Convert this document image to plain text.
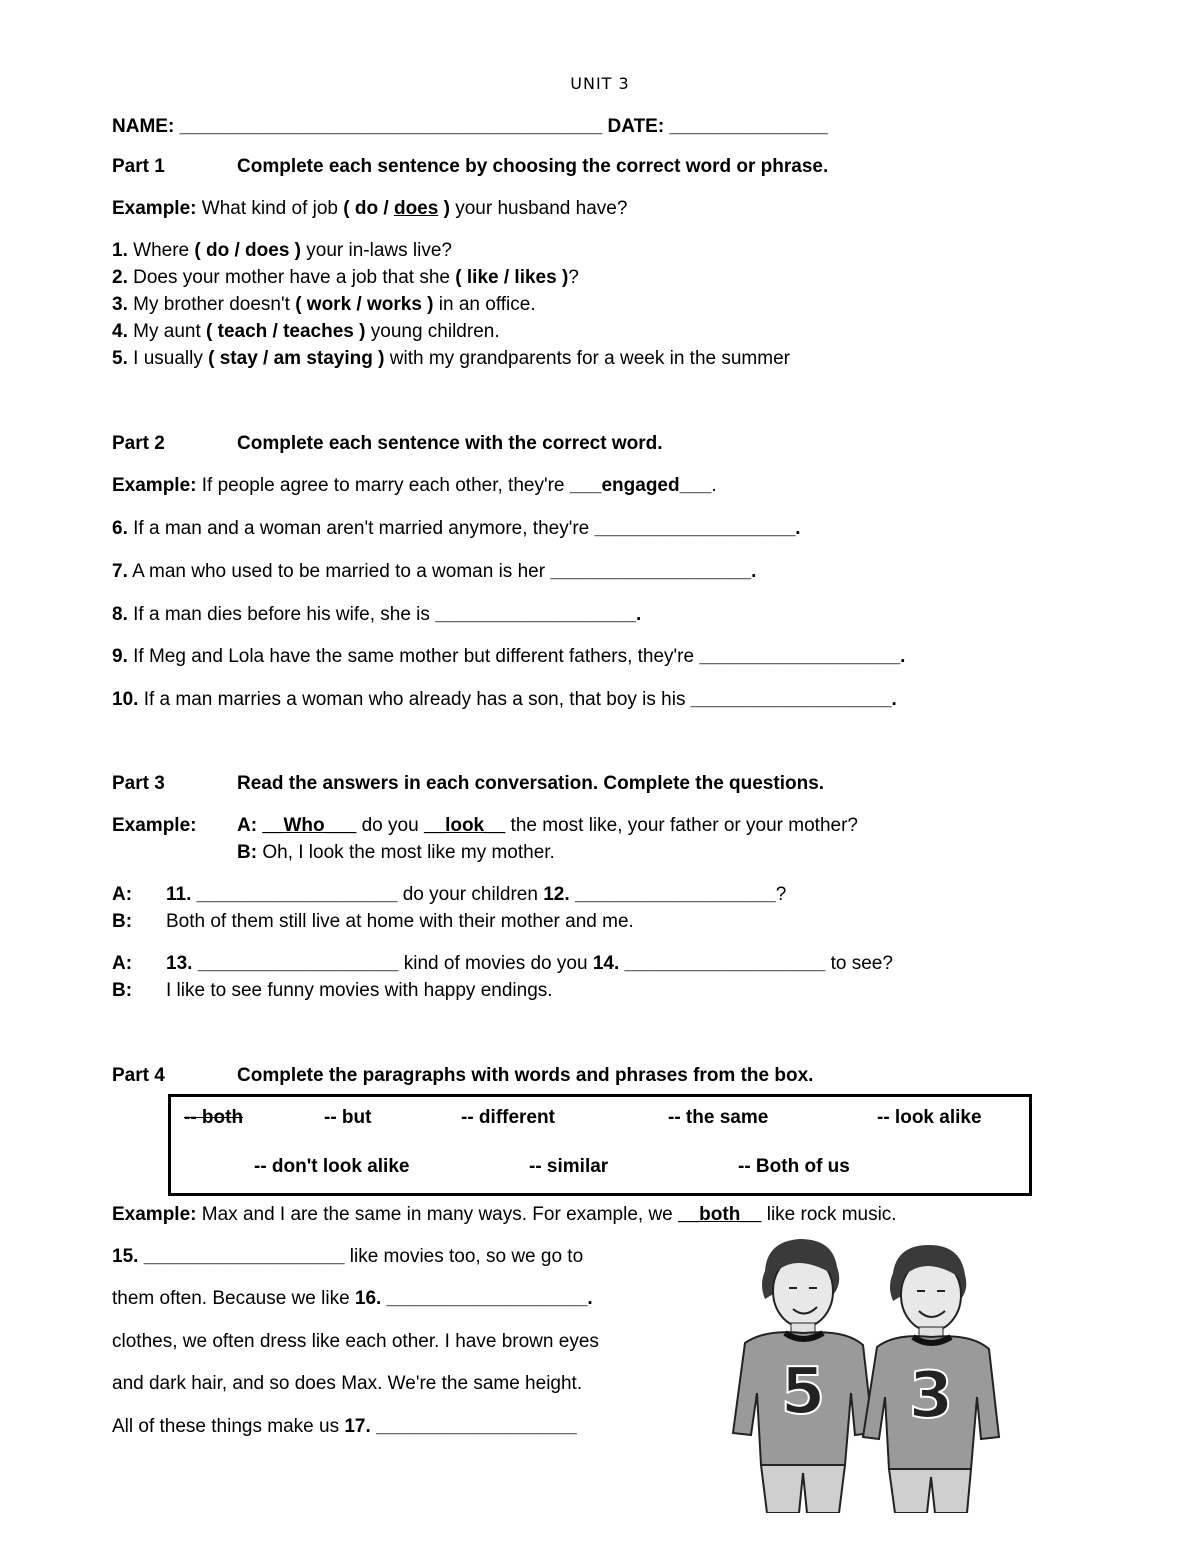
UNIT 3
NAME: ________________________________________ DATE: _______________
Part 1	Complete each sentence by choosing the correct word or phrase.
Example: What kind of job ( do / does ) your husband have?
1. Where ( do / does ) your in-laws live?
2. Does your mother have a job that she ( like / likes )?
3. My brother doesn't ( work / works ) in an office.
4. My aunt ( teach / teaches ) young children.
5. I usually ( stay / am staying ) with my grandparents for a week in the summer
Part 2	Complete each sentence with the correct word.
Example: If people agree to marry each other, they're ___engaged___.
6. If a man and a woman aren't married anymore, they're ___________________.
7. A man who used to be married to a woman is her ___________________.
8. If a man dies before his wife, she is ___________________.
9. If Meg and Lola have the same mother but different fathers, they're ___________________.
10. If a man marries a woman who already has a son, that boy is his ___________________.
Part 3	Read the answers in each conversation. Complete the questions.
Example: A: __Who___ do you __look__ the most like, your father or your mother?
B: Oh, I look the most like my mother.
A: 11. ___________________ do your children 12. ___________________?
B: Both of them still live at home with their mother and me.
A: 13. ___________________ kind of movies do you 14. ___________________ to see?
B: I like to see funny movies with happy endings.
Part 4	Complete the paragraphs with words and phrases from the box.
-- both	-- but	-- different	-- the same	-- look alike
-- don't look alike	-- similar	-- Both of us
Example: Max and I are the same in many ways. For example, we __both__ like rock music.
15. ___________________ like movies too, so we go to
them often. Because we like 16. ___________________.
clothes, we often dress like each other. I have brown eyes
and dark hair, and so does Max. We're the same height.
All of these things make us 17. ___________________	5 3
